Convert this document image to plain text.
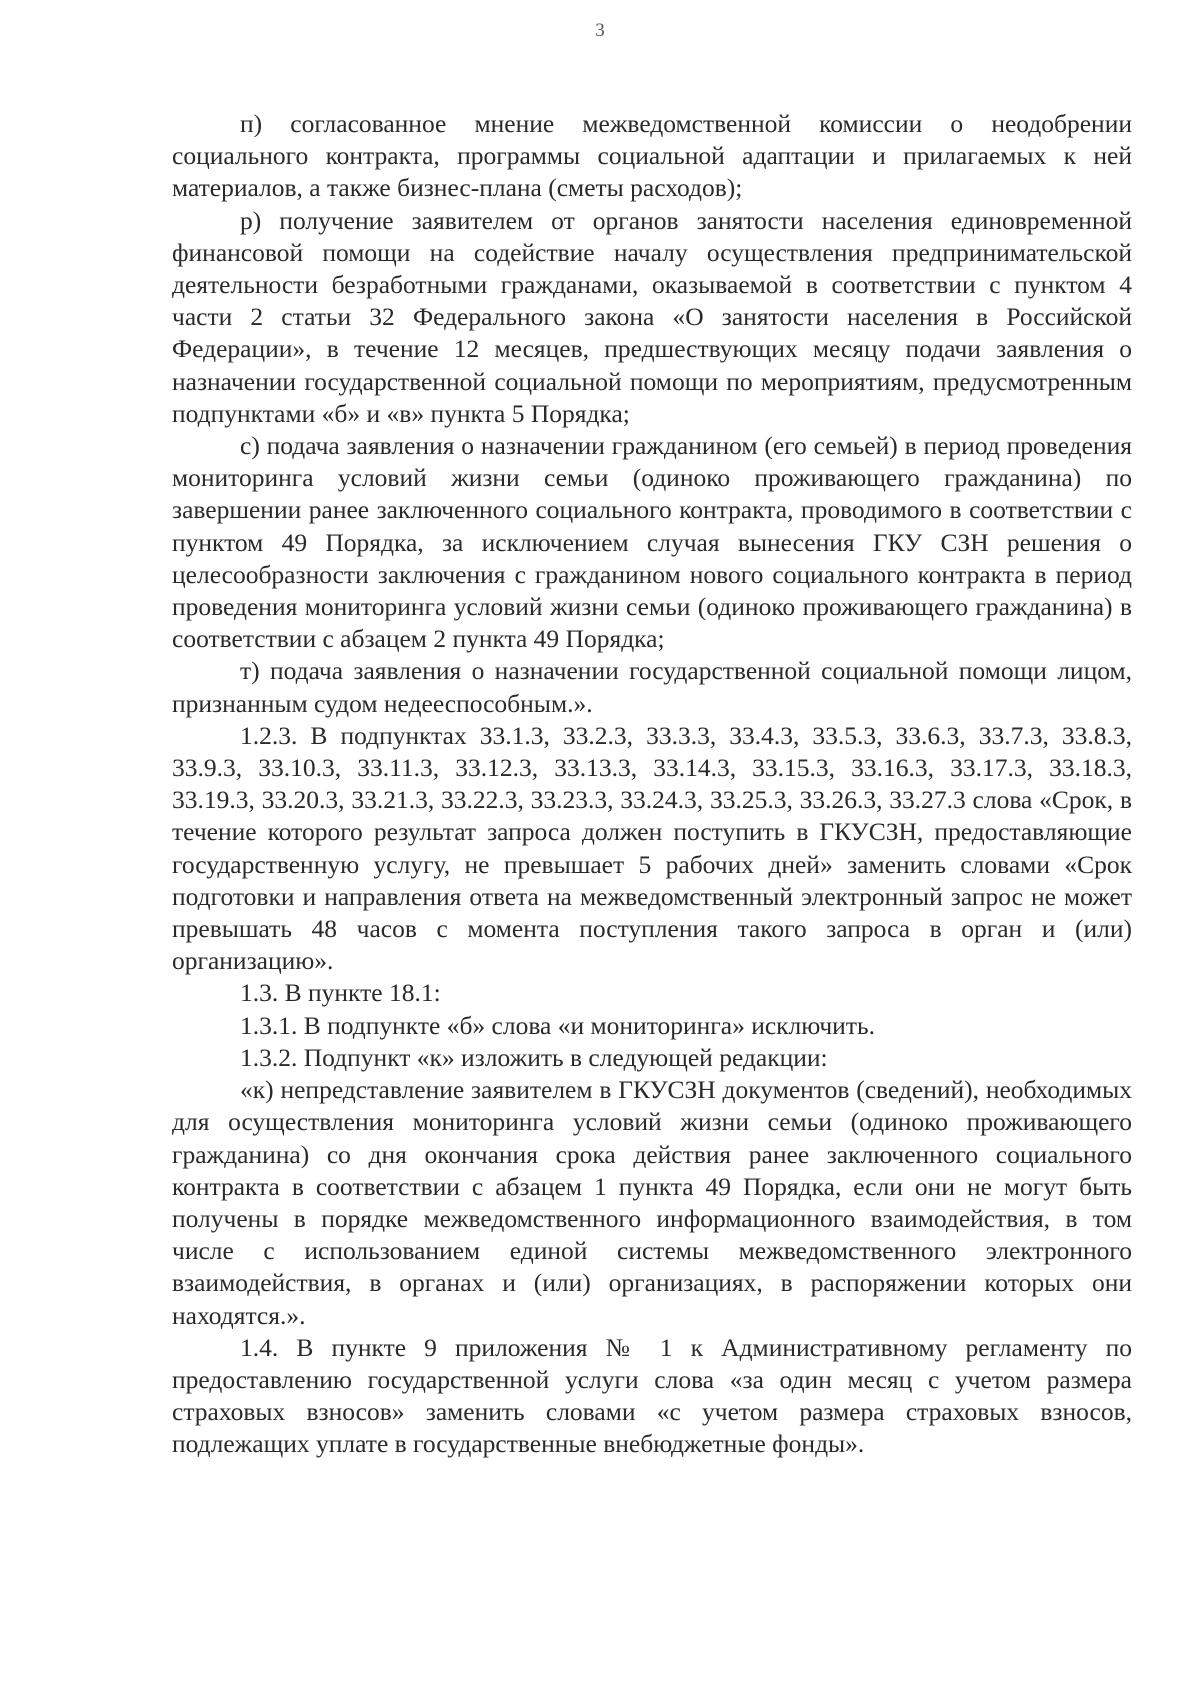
3

п) согласованное мнение межведомственной комиссии о неодобрении социального контракта, программы социальной адаптации и прилагаемых к ней материалов, а также бизнес-плана (сметы расходов);

р) получение заявителем от органов занятости населения единовременной финансовой помощи на содействие началу осуществления предпринимательской деятельности безработными гражданами, оказываемой в соответствии с пунктом 4 части 2 статьи 32 Федерального закона «О занятости населения в Российской Федерации», в течение 12 месяцев, предшествующих месяцу подачи заявления о назначении государственной социальной помощи по мероприятиям, предусмотренным подпунктами «б» и «в» пункта 5 Порядка;

с) подача заявления о назначении гражданином (его семьей) в период проведения мониторинга условий жизни семьи (одиноко проживающего гражданина) по завершении ранее заключенного социального контракта, проводимого в соответствии с пунктом 49 Порядка, за исключением случая вынесения ГКУ СЗН решения о целесообразности заключения с гражданином нового социального контракта в период проведения мониторинга условий жизни семьи (одиноко проживающего гражданина) в соответствии с абзацем 2 пункта 49 Порядка;

т) подача заявления о назначении государственной социальной помощи лицом, признанным судом недееспособным.».

1.2.3. В подпунктах 33.1.3, 33.2.3, 33.3.3, 33.4.3, 33.5.3, 33.6.3, 33.7.3, 33.8.3, 33.9.3, 33.10.3, 33.11.3, 33.12.3, 33.13.3, 33.14.3, 33.15.3, 33.16.3, 33.17.3, 33.18.3, 33.19.3, 33.20.3, 33.21.3, 33.22.3, 33.23.3, 33.24.3, 33.25.3, 33.26.3, 33.27.3 слова «Срок, в течение которого результат запроса должен поступить в ГКУСЗН, предоставляющие государственную услугу, не превышает 5 рабочих дней» заменить словами «Срок подготовки и направления ответа на межведомственный электронный запрос не может превышать 48 часов с момента поступления такого запроса в орган и (или) организацию».

1.3. В пункте 18.1:

1.3.1. В подпункте «б» слова «и мониторинга» исключить.

1.3.2. Подпункт «к» изложить в следующей редакции:

«к) непредставление заявителем в ГКУСЗН документов (сведений), необходимых для осуществления мониторинга условий жизни семьи (одиноко проживающего гражданина) со дня окончания срока действия ранее заключенного социального контракта в соответствии с абзацем 1 пункта 49 Порядка, если они не могут быть получены в порядке межведомственного информационного взаимодействия, в том числе с использованием единой системы межведомственного электронного взаимодействия, в органах и (или) организациях, в распоряжении которых они находятся.».

1.4. В пункте 9 приложения № 1 к Административному регламенту по предоставлению государственной услуги слова «за один месяц с учетом размера страховых взносов» заменить словами «с учетом размера страховых взносов, подлежащих уплате в государственные внебюджетные фонды».
